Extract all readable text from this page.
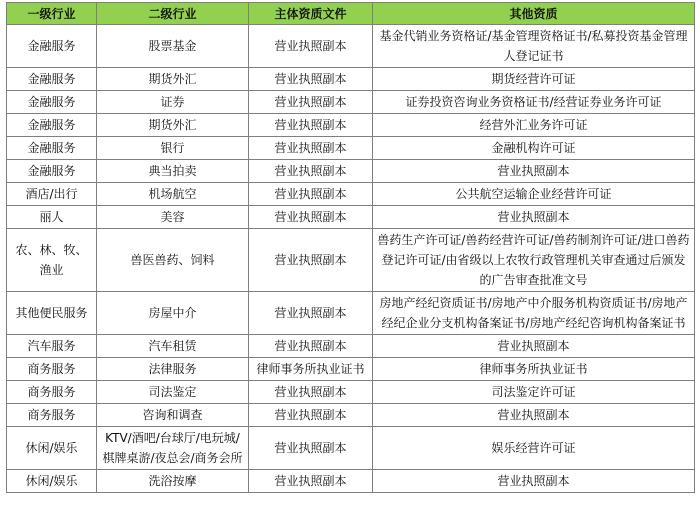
一级行业	二级行业	主体资质文件	其他资质
金融服务	股票基金	营业执照副本	基金代销业务资格证/基金管理资格证书/私募投资基金管理人登记证书
金融服务	期货外汇	营业执照副本	期货经营许可证
金融服务	证券	营业执照副本	证券投资咨询业务资格证书/经营证券业务许可证
金融服务	期货外汇	营业执照副本	经营外汇业务许可证
金融服务	银行	营业执照副本	金融机构许可证
金融服务	典当拍卖	营业执照副本	营业执照副本
酒店/出行	机场航空	营业执照副本	公共航空运输企业经营许可证
丽人	美容	营业执照副本	营业执照副本
农、林、牧、渔业	兽医兽药、饲料	营业执照副本	兽药生产许可证/兽药经营许可证/兽药制剂许可证/进口兽药登记许可证/由省级以上农牧行政管理机关审查通过后颁发的广告审查批准文号
其他便民服务	房屋中介	营业执照副本	房地产经纪资质证书/房地产中介服务机构资质证书/房地产经纪企业分支机构备案证书/房地产经纪咨询机构备案证书
汽车服务	汽车租赁	营业执照副本	营业执照副本
商务服务	法律服务	律师事务所执业证书	律师事务所执业证书
商务服务	司法鉴定	营业执照副本	司法鉴定许可证
商务服务	咨询和调查	营业执照副本	营业执照副本
休闲/娱乐	KTV/酒吧/台球厅/电玩城/棋牌桌游/夜总会/商务会所	营业执照副本	娱乐经营许可证
休闲/娱乐	洗浴按摩	营业执照副本	营业执照副本
